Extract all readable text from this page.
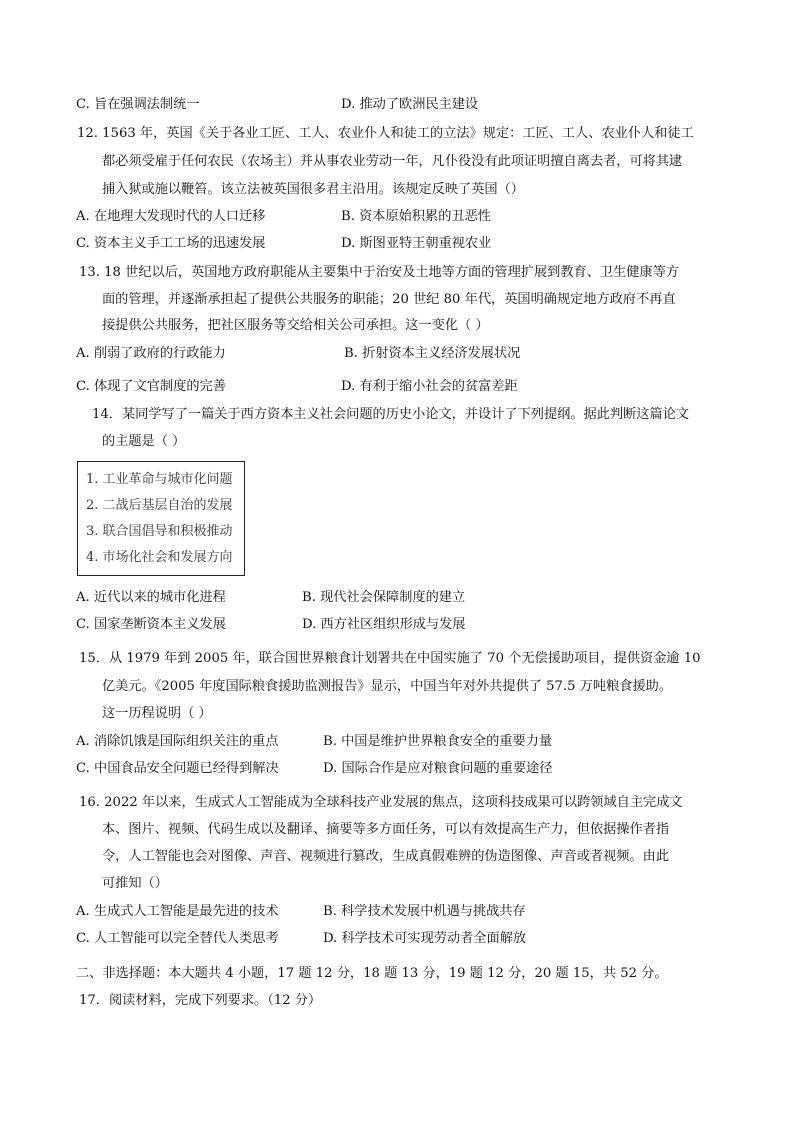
C. 旨在强调法制统一	D. 推动了欧洲民主建设
12. 1563 年，英国《关于各业工匠、工人、农业仆人和徒工的立法》规定：工匠、工人、农业仆人和徒工
都必须受雇于任何农民（农场主）并从事农业劳动一年，凡仆役没有此项证明擅自离去者，可将其逮
捕入狱或施以鞭笞。该立法被英国很多君主沿用。该规定反映了英国（）
A. 在地理大发现时代的人口迁移	B. 资本原始积累的丑恶性
C. 资本主义手工工场的迅速发展	D. 斯图亚特王朝重视农业
13. 18 世纪以后，英国地方政府职能从主要集中于治安及土地等方面的管理扩展到教育、卫生健康等方
面的管理，并逐渐承担起了提供公共服务的职能；20 世纪 80 年代，英国明确规定地方政府不再直
接提供公共服务，把社区服务等交给相关公司承担。这一变化（ ）
A. 削弱了政府的行政能力	B. 折射资本主义经济发展状况
C. 体现了文官制度的完善	D. 有利于缩小社会的贫富差距
14．某同学写了一篇关于西方资本主义社会问题的历史小论文，并设计了下列提纲。据此判断这篇论文
的主题是（ ）
1. 工业革命与城市化问题
2. 二战后基层自治的发展
3. 联合国倡导和积极推动
4. 市场化社会和发展方向
A. 近代以来的城市化进程	B. 现代社会保障制度的建立
C. 国家垄断资本主义发展	D. 西方社区组织形成与发展
15．从 1979 年到 2005 年，联合国世界粮食计划署共在中国实施了 70 个无偿援助项目，提供资金逾 10
亿美元。《2005 年度国际粮食援助监测报告》显示，中国当年对外共提供了 57.5 万吨粮食援助。
这一历程说明（ ）
A. 消除饥饿是国际组织关注的重点	B. 中国是维护世界粮食安全的重要力量
C. 中国食品安全问题已经得到解决	D. 国际合作是应对粮食问题的重要途径
16. 2022 年以来，生成式人工智能成为全球科技产业发展的焦点，这项科技成果可以跨领域自主完成文
本、图片、视频、代码生成以及翻译、摘要等多方面任务，可以有效提高生产力，但依据操作者指
令，人工智能也会对图像、声音、视频进行篡改，生成真假难辨的伪造图像、声音或者视频。由此
可推知（）
A. 生成式人工智能是最先进的技术	B. 科学技术发展中机遇与挑战共存
C. 人工智能可以完全替代人类思考	D. 科学技术可实现劳动者全面解放
二、非选择题：本大题共 4 小题，17 题 12 分，18 题 13 分，19 题 12 分，20 题 15，共 52 分。
17．阅读材料，完成下列要求。（12 分）
